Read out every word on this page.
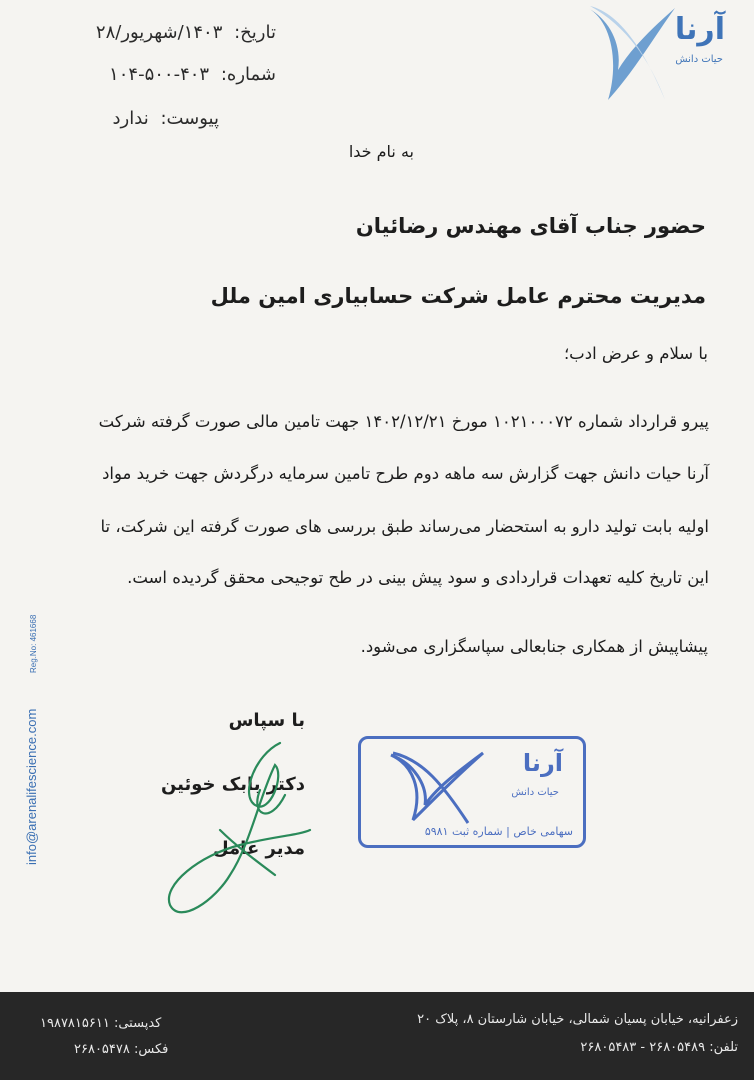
تاریخ: ۱۴۰۳/شهریور/۲۸
شماره: ۴۰۳-۵۰۰-۱۰۴
پیوست: ندارد
آرنا
حیات دانش
به نام خدا
حضور جناب آقای مهندس رضائیان
مدیریت محترم عامل شرکت حسابیاری امین ملل
با سلام و عرض ادب؛
پیرو قرارداد شماره ۱۰۲۱۰۰۰۷۲ مورخ ۱۴۰۲/۱۲/۲۱ جهت تامین مالی صورت گرفته شرکت
آرنا حیات دانش جهت گزارش سه ماهه دوم طرح تامین سرمایه درگردش جهت خرید مواد
اولیه بابت تولید دارو به استحضار می‌رساند طبق بررسی های صورت گرفته این شرکت، تا
این تاریخ کلیه تعهدات قراردادی و سود پیش بینی در طح توجیحی محقق گردیده است.
پیشاپیش از همکاری جنابعالی سپاسگزاری می‌شود.
با سپاس
دکتر بابک خوئین
مدیر عامل
آرنا
حیات دانش
سهامی خاص | شماره ثبت ۵۹۸۱
info@arenalifescience.com
Reg.No: 461668
زعفرانیه، خیابان پسیان شمالی، خیابان شارستان ۸، پلاک ۲۰
تلفن: ۲۶۸۰۵۴۸۹ - ۲۶۸۰۵۴۸۳
کدپستی: ۱۹۸۷۸۱۵۶۱۱
فکس: ۲۶۸۰۵۴۷۸
